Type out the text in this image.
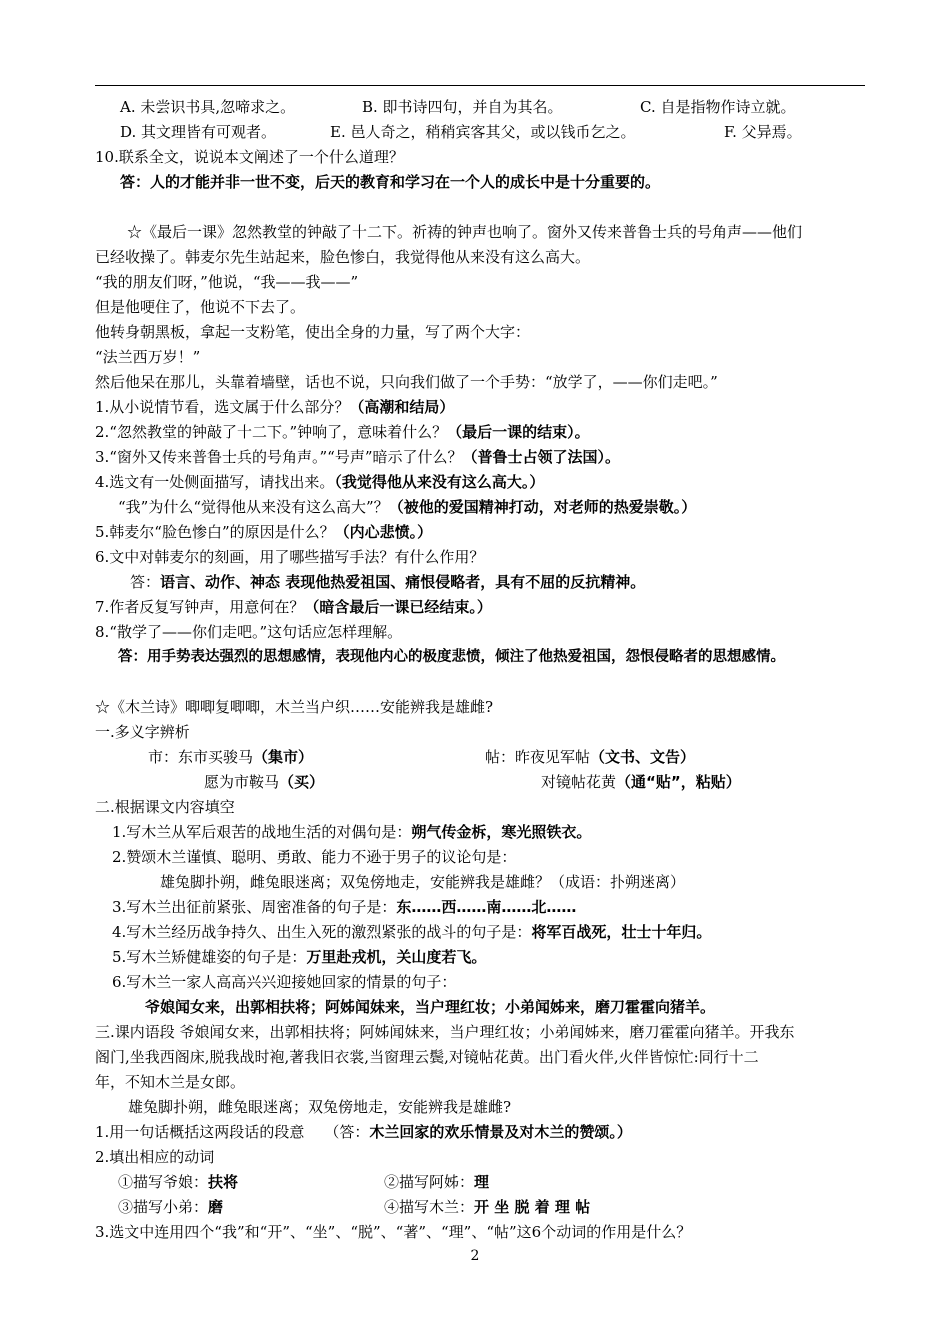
A. 未尝识书具,忽啼求之。	B. 即书诗四句，并自为其名。	C. 自是指物作诗立就。
D. 其文理皆有可观者。	E. 邑人奇之，稍稍宾客其父，或以钱币乞之。	F. 父异焉。
10.联系全文，说说本文阐述了一个什么道理？
答：人的才能并非一世不变，后天的教育和学习在一个人的成长中是十分重要的。
☆《最后一课》忽然教堂的钟敲了十二下。祈祷的钟声也响了。窗外又传来普鲁士兵的号角声——他们
已经收操了。韩麦尔先生站起来，脸色惨白，我觉得他从来没有这么高大。
“我的朋友们呀，”他说，“我——我——”
但是他哽住了，他说不下去了。
他转身朝黑板，拿起一支粉笔，使出全身的力量，写了两个大字：
“法兰西万岁！”
然后他呆在那儿，头靠着墙壁，话也不说，只向我们做了一个手势：“放学了，——你们走吧。”
1.从小说情节看，选文属于什么部分？（高潮和结局）
2.“忽然教堂的钟敲了十二下。”钟响了，意味着什么？（最后一课的结束）。
3.“窗外又传来普鲁士兵的号角声。”“号声”暗示了什么？（普鲁士占领了法国）。
4.选文有一处侧面描写，请找出来。（我觉得他从来没有这么高大。）
“我”为什么“觉得他从来没有这么高大”？（被他的爱国精神打动，对老师的热爱崇敬。）
5.韩麦尔“脸色惨白”的原因是什么？（内心悲愤。）
6.文中对韩麦尔的刻画，用了哪些描写手法？有什么作用？
答：语言、动作、神态 表现他热爱祖国、痛恨侵略者，具有不屈的反抗精神。
7.作者反复写钟声，用意何在？（暗含最后一课已经结束。）
8.“散学了——你们走吧。”这句话应怎样理解。
答：用手势表达强烈的思想感情，表现他内心的极度悲愤，倾注了他热爱祖国，怨恨侵略者的思想感情。
☆《木兰诗》唧唧复唧唧，木兰当户织……安能辨我是雄雌?
一.多义字辨析
市：东市买骏马（集市）	帖：昨夜见军帖（文书、文告）
愿为市鞍马（买）	对镜帖花黄（通“贴”，粘贴）
二.根据课文内容填空
1.写木兰从军后艰苦的战地生活的对偶句是：朔气传金柝，寒光照铁衣。
2.赞颂木兰谨慎、聪明、勇敢、能力不逊于男子的议论句是：
雄兔脚扑朔，雌兔眼迷离；双兔傍地走，安能辨我是雄雌？（成语：扑朔迷离）
3.写木兰出征前紧张、周密准备的句子是：东……西……南……北……
4.写木兰经历战争持久、出生入死的激烈紧张的战斗的句子是：将军百战死，壮士十年归。
5.写木兰矫健雄姿的句子是：万里赴戎机，关山度若飞。
6.写木兰一家人高高兴兴迎接她回家的情景的句子：
爷娘闻女来，出郭相扶将；阿姊闻妹来，当户理红妆；小弟闻姊来，磨刀霍霍向猪羊。
三.课内语段 爷娘闻女来，出郭相扶将；阿姊闻妹来，当户理红妆；小弟闻姊来，磨刀霍霍向猪羊。开我东
阁门,坐我西阁床,脱我战时袍,著我旧衣裳,当窗理云鬓,对镜帖花黄。出门看火伴,火伴皆惊忙:同行十二
年，不知木兰是女郎。
雄兔脚扑朔，雌兔眼迷离；双兔傍地走，安能辨我是雄雌?
1.用一句话概括这两段话的段意 （答：木兰回家的欢乐情景及对木兰的赞颂。）
2.填出相应的动词
①描写爷娘：扶将	②描写阿姊：理
③描写小弟：磨	④描写木兰：开 坐 脱 着 理 帖
3.选文中连用四个“我”和“开”、“坐”、“脱”、“著”、“理”、“帖”这6个动词的作用是什么？
2
